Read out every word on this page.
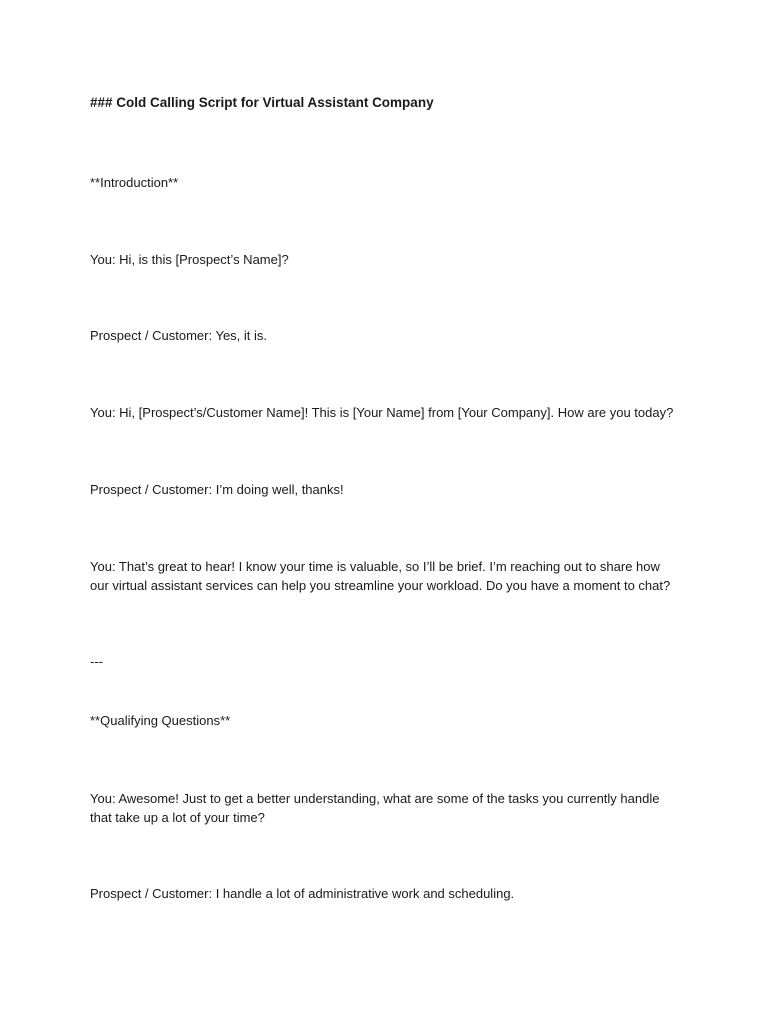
### Cold Calling Script for Virtual Assistant Company

**Introduction**

You: Hi, is this [Prospect’s Name]?

Prospect / Customer: Yes, it is.

You: Hi, [Prospect’s/Customer Name]! This is [Your Name] from [Your Company]. How are you today?

Prospect / Customer: I’m doing well, thanks!

You: That’s great to hear! I know your time is valuable, so I’ll be brief. I’m reaching out to share how our virtual assistant services can help you streamline your workload. Do you have a moment to chat?

---

**Qualifying Questions**

You: Awesome! Just to get a better understanding, what are some of the tasks you currently handle that take up a lot of your time?

Prospect / Customer: I handle a lot of administrative work and scheduling.
